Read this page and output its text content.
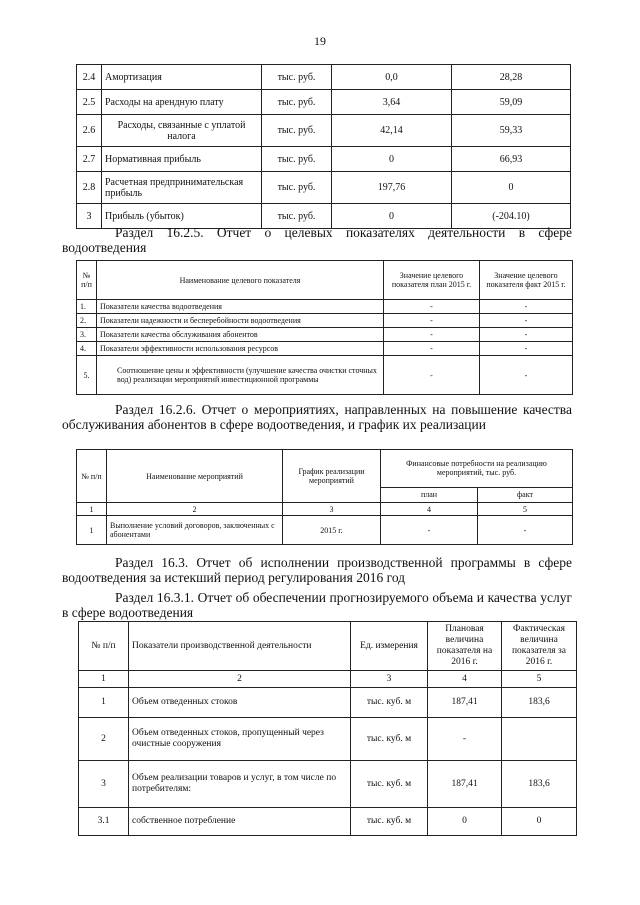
19
2.4	Амортизация	тыс. руб.	0,0	28,28
2.5	Расходы на арендную плату	тыс. руб.	3,64	59,09
2.6	Расходы, связанные с уплатой налога	тыс. руб.	42,14	59,33
2.7	Нормативная прибыль	тыс. руб.	0	66,93
2.8	Расчетная предпринимательская прибыль	тыс. руб.	197,76	0
3	Прибыль (убыток)	тыс. руб.	0	(-204.10)
Раздел 16.2.5. Отчет о целевых показателях деятельности в сфере водоотведения
№ п/п	Наименование целевого показателя	Значение целевого показателя план 2015 г.	Значение целевого показателя факт 2015 г.
1.	Показатели качества водоотведения	-	-
2.	Показатели надежности и бесперебойности водоотведения	-	-
3.	Показатели качества обслуживания абонентов	-	-
4.	Показатели эффективности использования ресурсов	-	-
5.	Соотношение цены и эффективности (улучшение качества очистки сточных вод) реализации мероприятий инвестиционной программы	-	-
Раздел 16.2.6. Отчет о мероприятиях, направленных на повышение качества обслуживания абонентов в сфере водоотведения, и график их реализации
№ п/п	Наименование мероприятий	График реализации мероприятий	Финансовые потребности на реализацию мероприятий, тыс. руб.	
			план	факт
1	2	3	4	5
1	Выполнение условий договоров, заключенных с абонентами	2015 г.	-	-
Раздел 16.3. Отчет об исполнении производственной программы в сфере водоотведения за истекший период регулирования 2016 год
Раздел 16.3.1. Отчет об обеспечении прогнозируемого объема и качества услуг в сфере водоотведения
№ п/п	Показатели производственной деятельности	Ед. измерения	Плановая величина показателя на 2016 г.	Фактическая величина показателя за 2016 г.
1	2	3	4	5
1	Объем отведенных стоков	тыс. куб. м	187,41	183,6
2	Объем отведенных стоков, пропущенный через очистные сооружения	тыс. куб. м	-	
3	Объем реализации товаров и услуг, в том числе по потребителям:	тыс. куб. м	187,41	183,6
3.1	собственное потребление	тыс. куб. м	0	0
